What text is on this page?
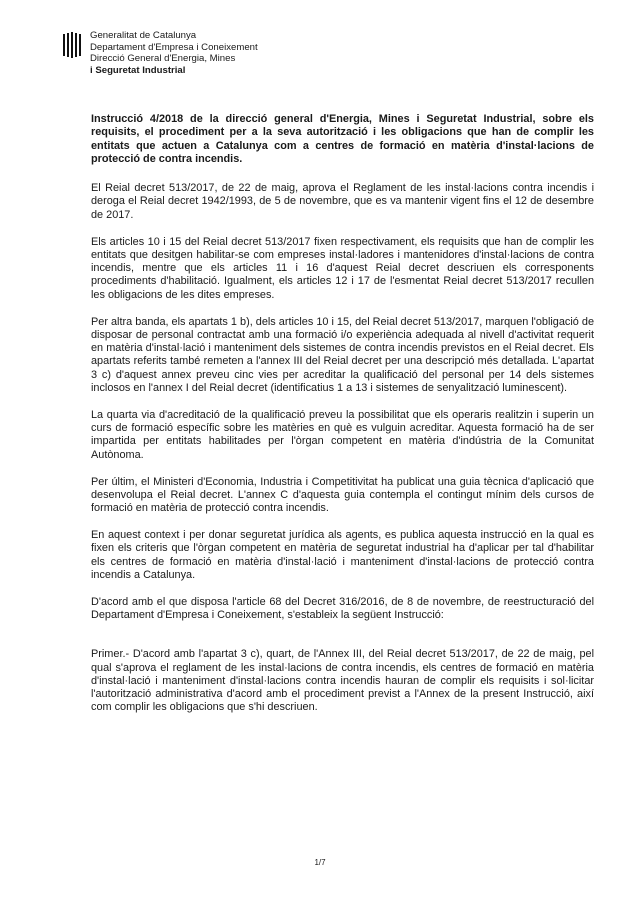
Generalitat de Catalunya
Departament d'Empresa i Coneixement
Direcció General d'Energia, Mines
i Seguretat Industrial

Instrucció 4/2018 de la direcció general d'Energia, Mines i Seguretat Industrial, sobre els requisits, el procediment per a la seva autorització i les obligacions que han de complir les entitats que actuen a Catalunya com a centres de formació en matèria d'instal·lacions de protecció de contra incendis.

El Reial decret 513/2017, de 22 de maig, aprova el Reglament de les instal·lacions contra incendis i deroga el Reial decret 1942/1993, de 5 de novembre, que es va mantenir vigent fins el 12 de desembre de 2017.

Els articles 10 i 15 del Reial decret 513/2017 fixen respectivament, els requisits que han de complir les entitats que desitgen habilitar-se com empreses instal·ladores i mantenidores d'instal·lacions de contra incendis, mentre que els articles 11 i 16 d'aquest Reial decret descriuen els corresponents procediments d'habilitació. Igualment, els articles 12 i 17 de l'esmentat Reial decret 513/2017 recullen les obligacions de les dites empreses.

Per altra banda, els apartats 1 b), dels articles 10 i 15, del Reial decret 513/2017, marquen l'obligació de disposar de personal contractat amb una formació i/o experiència adequada al nivell d'activitat requerit en matèria d'instal·lació i manteniment dels sistemes de contra incendis previstos en el Reial decret. Els apartats referits també remeten a l'annex III del Reial decret per una descripció més detallada. L'apartat 3 c) d'aquest annex preveu cinc vies per acreditar la qualificació del personal per 14 dels sistemes inclosos en l'annex I del Reial decret (identificatius 1 a 13 i sistemes de senyalització luminescent).

La quarta via d'acreditació de la qualificació preveu la possibilitat que els operaris realitzin i superin un curs de formació específic sobre les matèries en què es vulguin acreditar. Aquesta formació ha de ser impartida per entitats habilitades per l'òrgan competent en matèria d'indústria de la Comunitat Autònoma.

Per últim, el Ministeri d'Economia, Industria i Competitivitat ha publicat una guia tècnica d'aplicació que desenvolupa el Reial decret. L'annex C d'aquesta guia contempla el contingut mínim dels cursos de formació en matèria de protecció contra incendis.

En aquest context i per donar seguretat jurídica als agents, es publica aquesta instrucció en la qual es fixen els criteris que l'òrgan competent en matèria de seguretat industrial ha d'aplicar per tal d'habilitar els centres de formació en matèria d'instal·lació i manteniment d'instal·lacions de protecció contra incendis a Catalunya.

D'acord amb el que disposa l'article 68 del Decret 316/2016, de 8 de novembre, de reestructuració del Departament d'Empresa i Coneixement, s'estableix la següent Instrucció:

Primer.- D'acord amb l'apartat 3 c), quart, de l'Annex III, del Reial decret 513/2017, de 22 de maig, pel qual s'aprova el reglament de les instal·lacions de contra incendis, els centres de formació en matèria d'instal·lació i manteniment d'instal·lacions contra incendis hauran de complir els requisits i sol·licitar l'autorització administrativa d'acord amb el procediment previst a l'Annex de la present Instrucció, així com complir les obligacions que s'hi descriuen.

1/7
